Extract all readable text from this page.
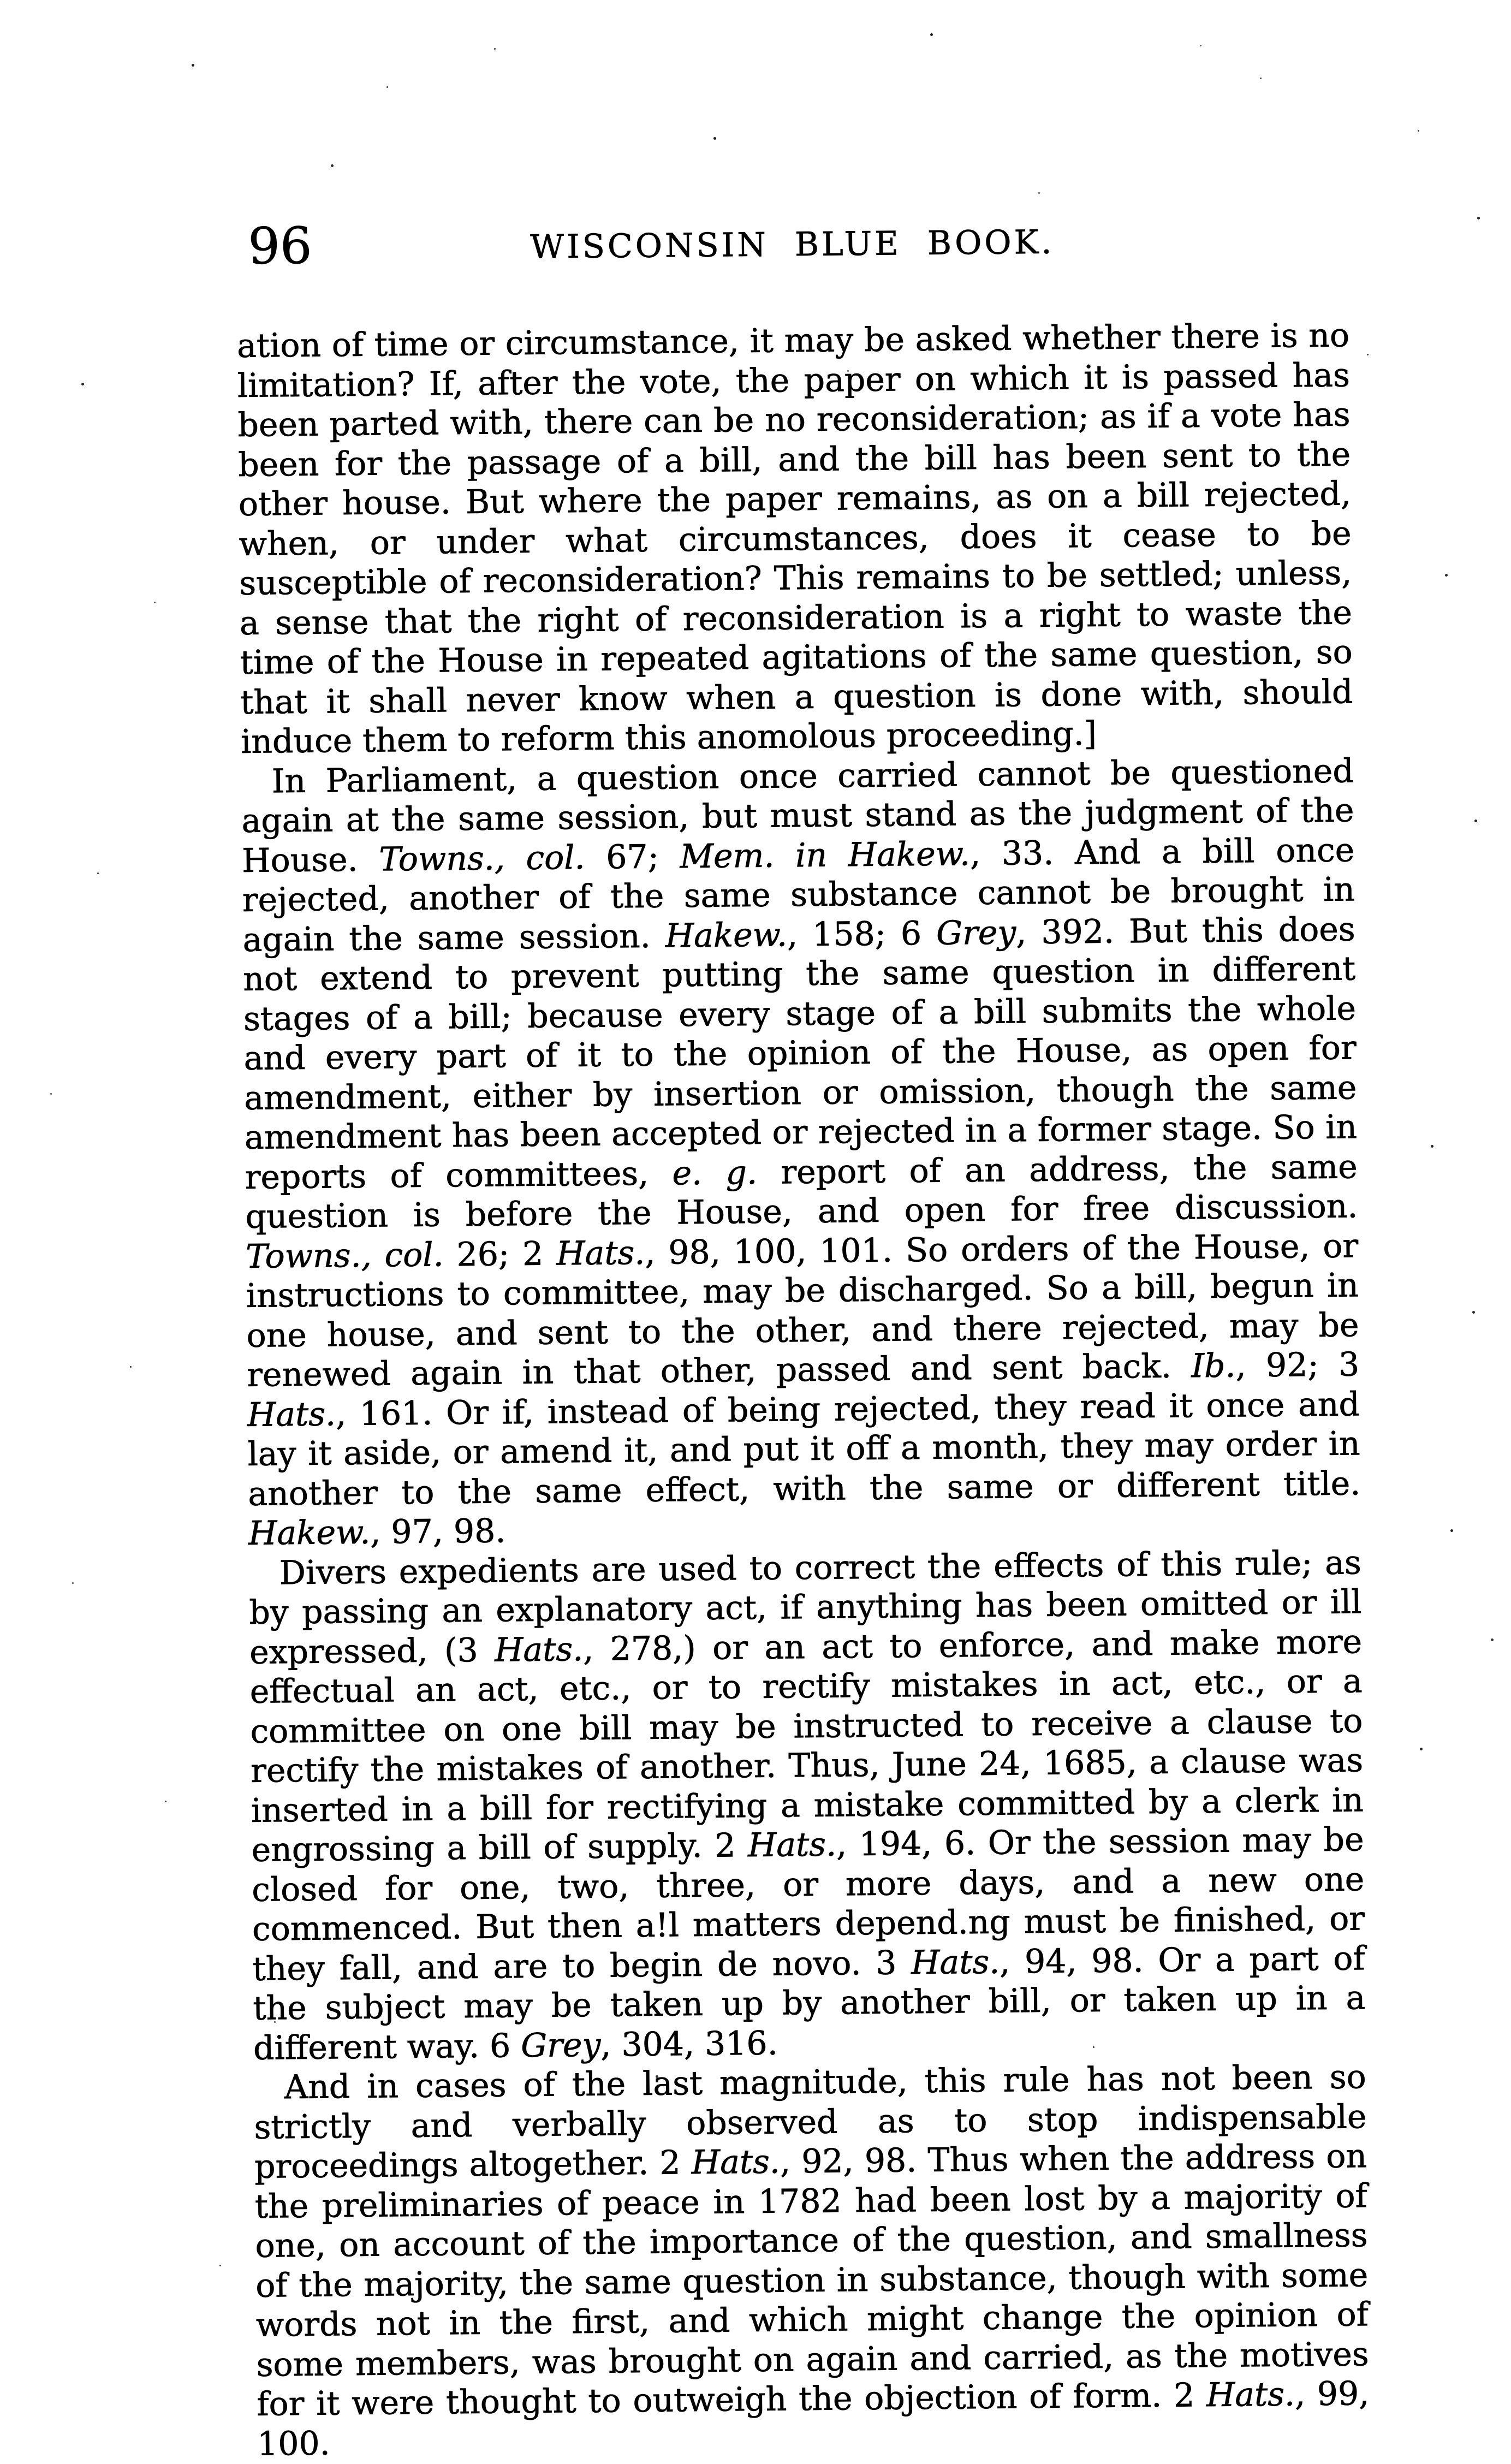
96	WISCONSIN BLUE BOOK.

ation of time or circumstance, it may be asked whether there is no limitation? If, after the vote, the paper on which it is passed has been parted with, there can be no reconsideration; as if a vote has been for the passage of a bill, and the bill has been sent to the other house. But where the paper remains, as on a bill rejected, when, or under what circumstances, does it cease to be susceptible of reconsideration? This remains to be settled; unless, a sense that the right of reconsideration is a right to waste the time of the House in repeated agitations of the same question, so that it shall never know when a question is done with, should induce them to reform this anomolous proceeding.]

In Parliament, a question once carried cannot be questioned again at the same session, but must stand as the judgment of the House. Towns., col. 67; Mem. in Hakew., 33. And a bill once rejected, another of the same substance cannot be brought in again the same session. Hakew., 158; 6 Grey, 392. But this does not extend to prevent putting the same question in different stages of a bill; because every stage of a bill submits the whole and every part of it to the opinion of the House, as open for amendment, either by insertion or omission, though the same amendment has been accepted or rejected in a former stage. So in reports of committees, e. g. report of an address, the same question is before the House, and open for free discussion. Towns., col. 26; 2 Hats., 98, 100, 101. So orders of the House, or instructions to committee, may be discharged. So a bill, begun in one house, and sent to the other, and there rejected, may be renewed again in that other, passed and sent back. Ib., 92; 3 Hats., 161. Or if, instead of being rejected, they read it once and lay it aside, or amend it, and put it off a month, they may order in another to the same effect, with the same or different title. Hakew., 97, 98.

Divers expedients are used to correct the effects of this rule; as by passing an explanatory act, if anything has been omitted or ill expressed, (3 Hats., 278,) or an act to enforce, and make more effectual an act, etc., or to rectify mistakes in act, etc., or a committee on one bill may be instructed to receive a clause to rectify the mistakes of another. Thus, June 24, 1685, a clause was inserted in a bill for rectifying a mistake committed by a clerk in engrossing a bill of supply. 2 Hats., 194, 6. Or the session may be closed for one, two, three, or more days, and a new one commenced. But then a!l matters depend.ng must be finished, or they fall, and are to begin de novo. 3 Hats., 94, 98. Or a part of the subject may be taken up by another bill, or taken up in a different way. 6 Grey, 304, 316.

And in cases of the last magnitude, this rule has not been so strictly and verbally observed as to stop indispensable proceedings altogether. 2 Hats., 92, 98. Thus when the address on the preliminaries of peace in 1782 had been lost by a majority of one, on account of the importance of the question, and smallness of the majority, the same question in substance, though with some words not in the first, and which might change the opinion of some members, was brought on again and carried, as the motives for it were thought to outweigh the objection of form. 2 Hats., 99, 100.
